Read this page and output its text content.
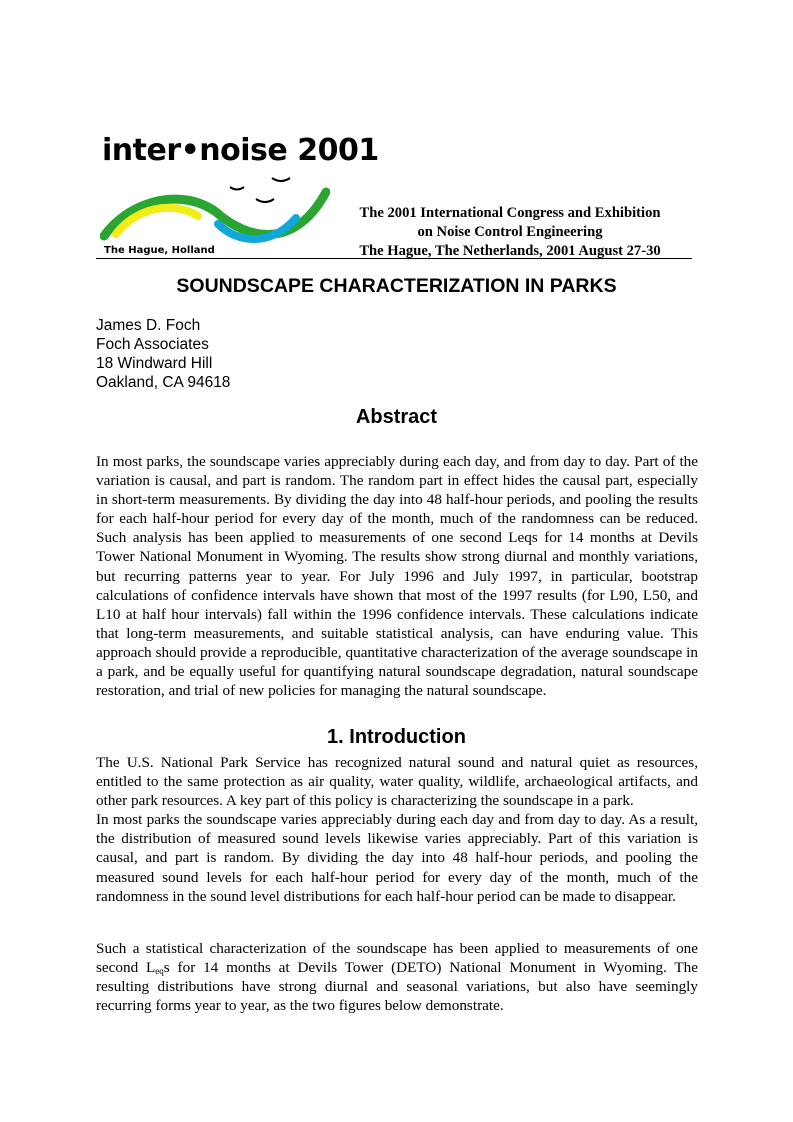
inter•noise 2001
The Hague, Holland
The 2001 International Congress and Exhibition
on Noise Control Engineering
The Hague, The Netherlands, 2001 August 27-30
SOUNDSCAPE CHARACTERIZATION IN PARKS
James D. Foch
Foch Associates
18 Windward Hill
Oakland, CA 94618
Abstract

In most parks, the soundscape varies appreciably during each day, and from day to day. Part of the variation is causal, and part is random. The random part in effect hides the causal part, especially in short-term measurements. By dividing the day into 48 half-hour periods, and pooling the results for each half-hour period for every day of the month, much of the randomness can be reduced. Such analysis has been applied to measurements of one second Leqs for 14 months at Devils Tower National Monument in Wyoming. The results show strong diurnal and monthly variations, but recurring patterns year to year. For July 1996 and July 1997, in particular, bootstrap calculations of confidence intervals have shown that most of the 1997 results (for L90, L50, and L10 at half hour intervals) fall within the 1996 confidence intervals. These calculations indicate that long-term measurements, and suitable statistical analysis, can have enduring value. This approach should provide a reproducible, quantitative characterization of the average soundscape in a park, and be equally useful for quantifying natural soundscape degradation, natural soundscape restoration, and trial of new policies for managing the natural soundscape.

1. Introduction
The U.S. National Park Service has recognized natural sound and natural quiet as resources, entitled to the same protection as air quality, water quality, wildlife, archaeological artifacts, and other park resources. A key part of this policy is characterizing the soundscape in a park.
In most parks the soundscape varies appreciably during each day and from day to day. As a result, the distribution of measured sound levels likewise varies appreciably. Part of this variation is causal, and part is random. By dividing the day into 48 half-hour periods, and pooling the measured sound levels for each half-hour period for every day of the month, much of the randomness in the sound level distributions for each half-hour period can be made to disappear.

Such a statistical characterization of the soundscape has been applied to measurements of one second $L_{eq}s$ for 14 months at Devils Tower (DETO) National Monument in Wyoming. The resulting distributions have strong diurnal and seasonal variations, but also have seemingly recurring forms year to year, as the two figures below demonstrate.
